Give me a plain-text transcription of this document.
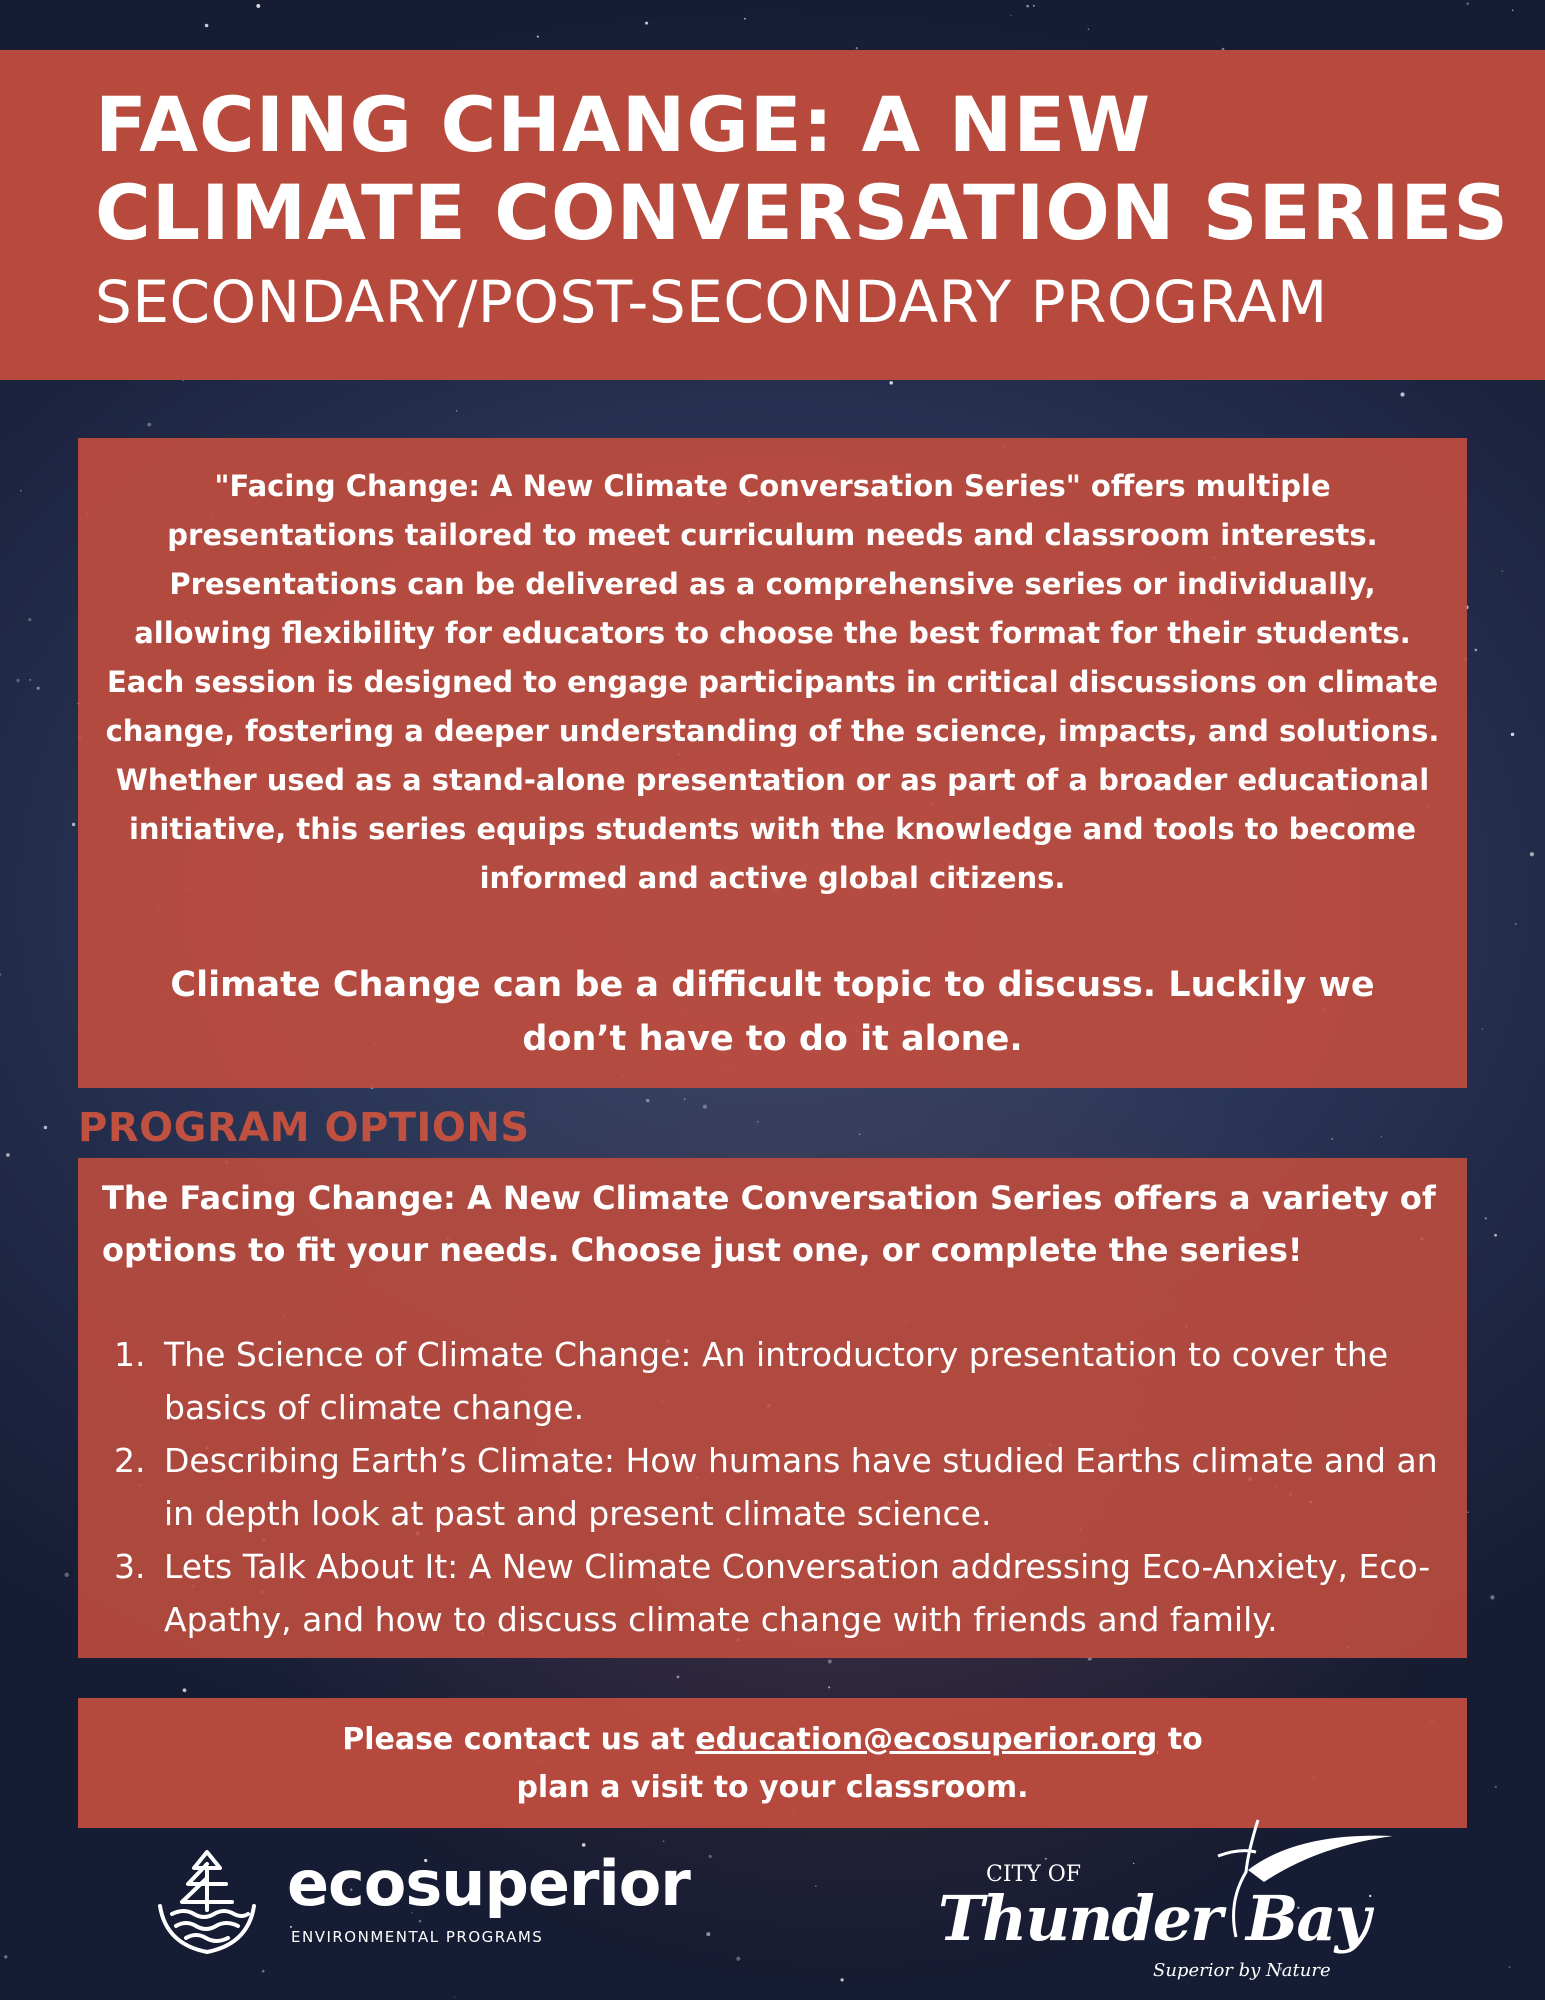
FACING CHANGE: A NEW
CLIMATE CONVERSATION SERIES
SECONDARY/POST-SECONDARY PROGRAM
"Facing Change: A New Climate Conversation Series" offers multiple presentations tailored to meet curriculum needs and classroom interests. Presentations can be delivered as a comprehensive series or individually, allowing flexibility for educators to choose the best format for their students. Each session is designed to engage participants in critical discussions on climate change, fostering a deeper understanding of the science, impacts, and solutions. Whether used as a stand-alone presentation or as part of a broader educational initiative, this series equips students with the knowledge and tools to become informed and active global citizens.
Climate Change can be a difficult topic to discuss. Luckily we don’t have to do it alone.
PROGRAM OPTIONS
The Facing Change: A New Climate Conversation Series offers a variety of options to fit your needs. Choose just one, or complete the series!
1. The Science of Climate Change: An introductory presentation to cover the basics of climate change.
2. Describing Earth’s Climate: How humans have studied Earths climate and an in depth look at past and present climate science.
3. Lets Talk About It: A New Climate Conversation addressing Eco-Anxiety, Eco-Apathy, and how to discuss climate change with friends and family.
Please contact us at education@ecosuperior.org to
plan a visit to your classroom.
ecosuperior
ENVIRONMENTAL PROGRAMS
CITY OF
Thunder Bay
Superior by Nature
